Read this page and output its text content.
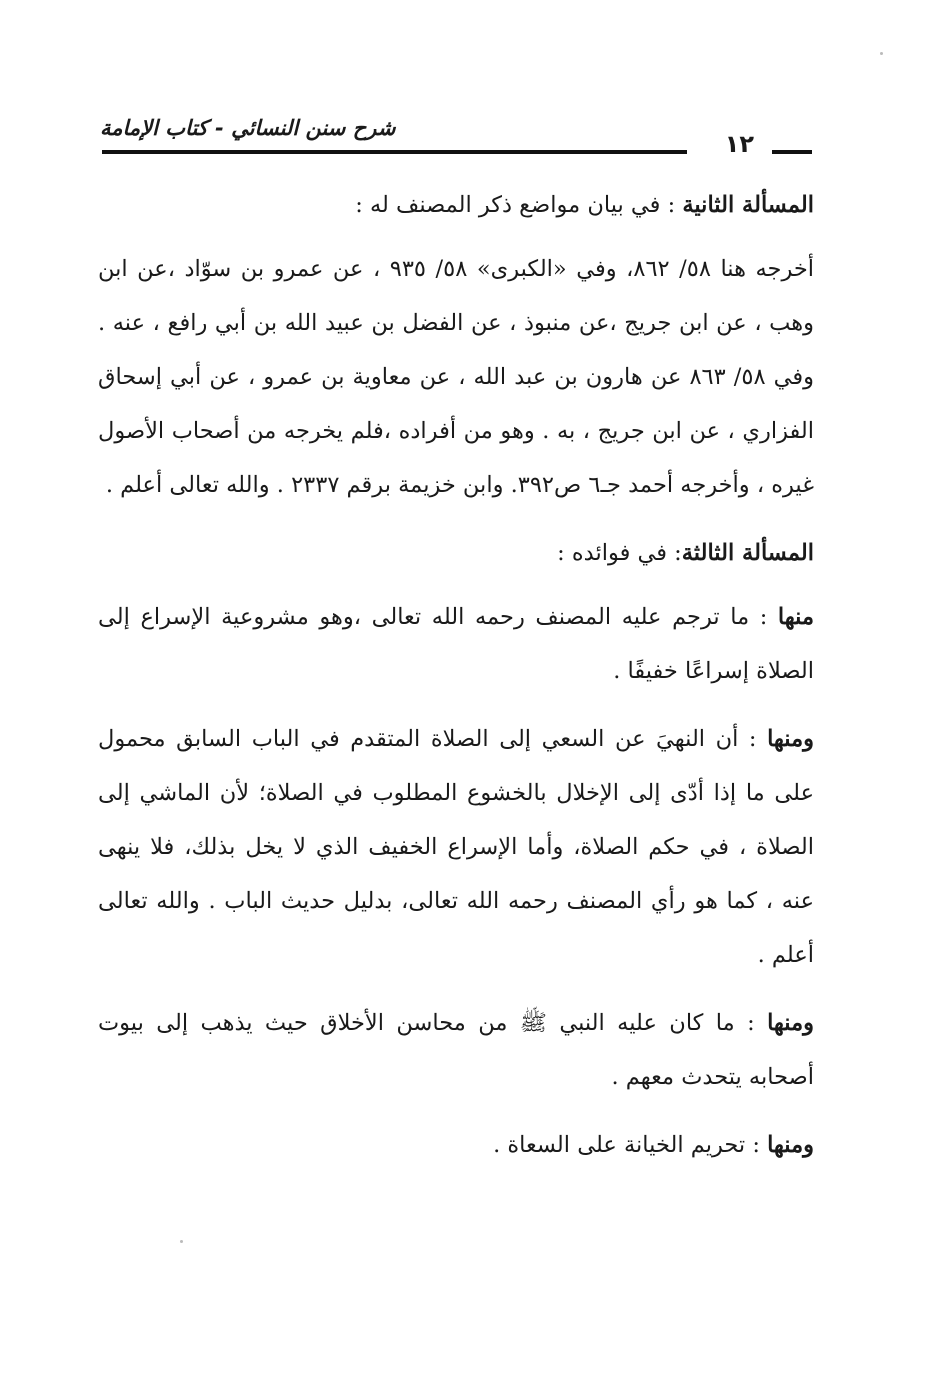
شرح سنن النسائي - كتاب الإمامة
١٢

المسألة الثانية : في بيان مواضع ذكر المصنف له :

أخرجه هنا ٥٨/ ٨٦٢، وفي «الكبرى» ٥٨/ ٩٣٥ ، عن عمرو بن سوّاد ،عن ابن وهب ، عن ابن جريج ،عن منبوذ ، عن الفضل بن عبيد الله بن أبي رافع ، عنه . وفي ٥٨/ ٨٦٣ عن هارون بن عبد الله ، عن معاوية بن عمرو ، عن أبي إسحاق الفزاري ، عن ابن جريج ، به . وهو من أفراده ،فلم يخرجه من أصحاب الأصول غيره ، وأخرجه أحمد جـ٦ ص٣٩٢. وابن خزيمة برقم ٢٣٣٧ . والله تعالى أعلم .

المسألة الثالثة: في فوائده :

منها : ما ترجم عليه المصنف رحمه الله تعالى ،وهو مشروعية الإسراع إلى الصلاة إسراعًا خفيفًا .

ومنها : أن النهيَ عن السعي إلى الصلاة المتقدم في الباب السابق محمول على ما إذا أدّى إلى الإخلال بالخشوع المطلوب في الصلاة؛ لأن الماشي إلى الصلاة ، في حكم الصلاة، وأما الإسراع الخفيف الذي لا يخل بذلك، فلا ينهى عنه ، كما هو رأي المصنف رحمه الله تعالى، بدليل حديث الباب . والله تعالى أعلم .

ومنها : ما كان عليه النبي ﷺ من محاسن الأخلاق حيث يذهب إلى بيوت أصحابه يتحدث معهم .

ومنها : تحريم الخيانة على السعاة .
